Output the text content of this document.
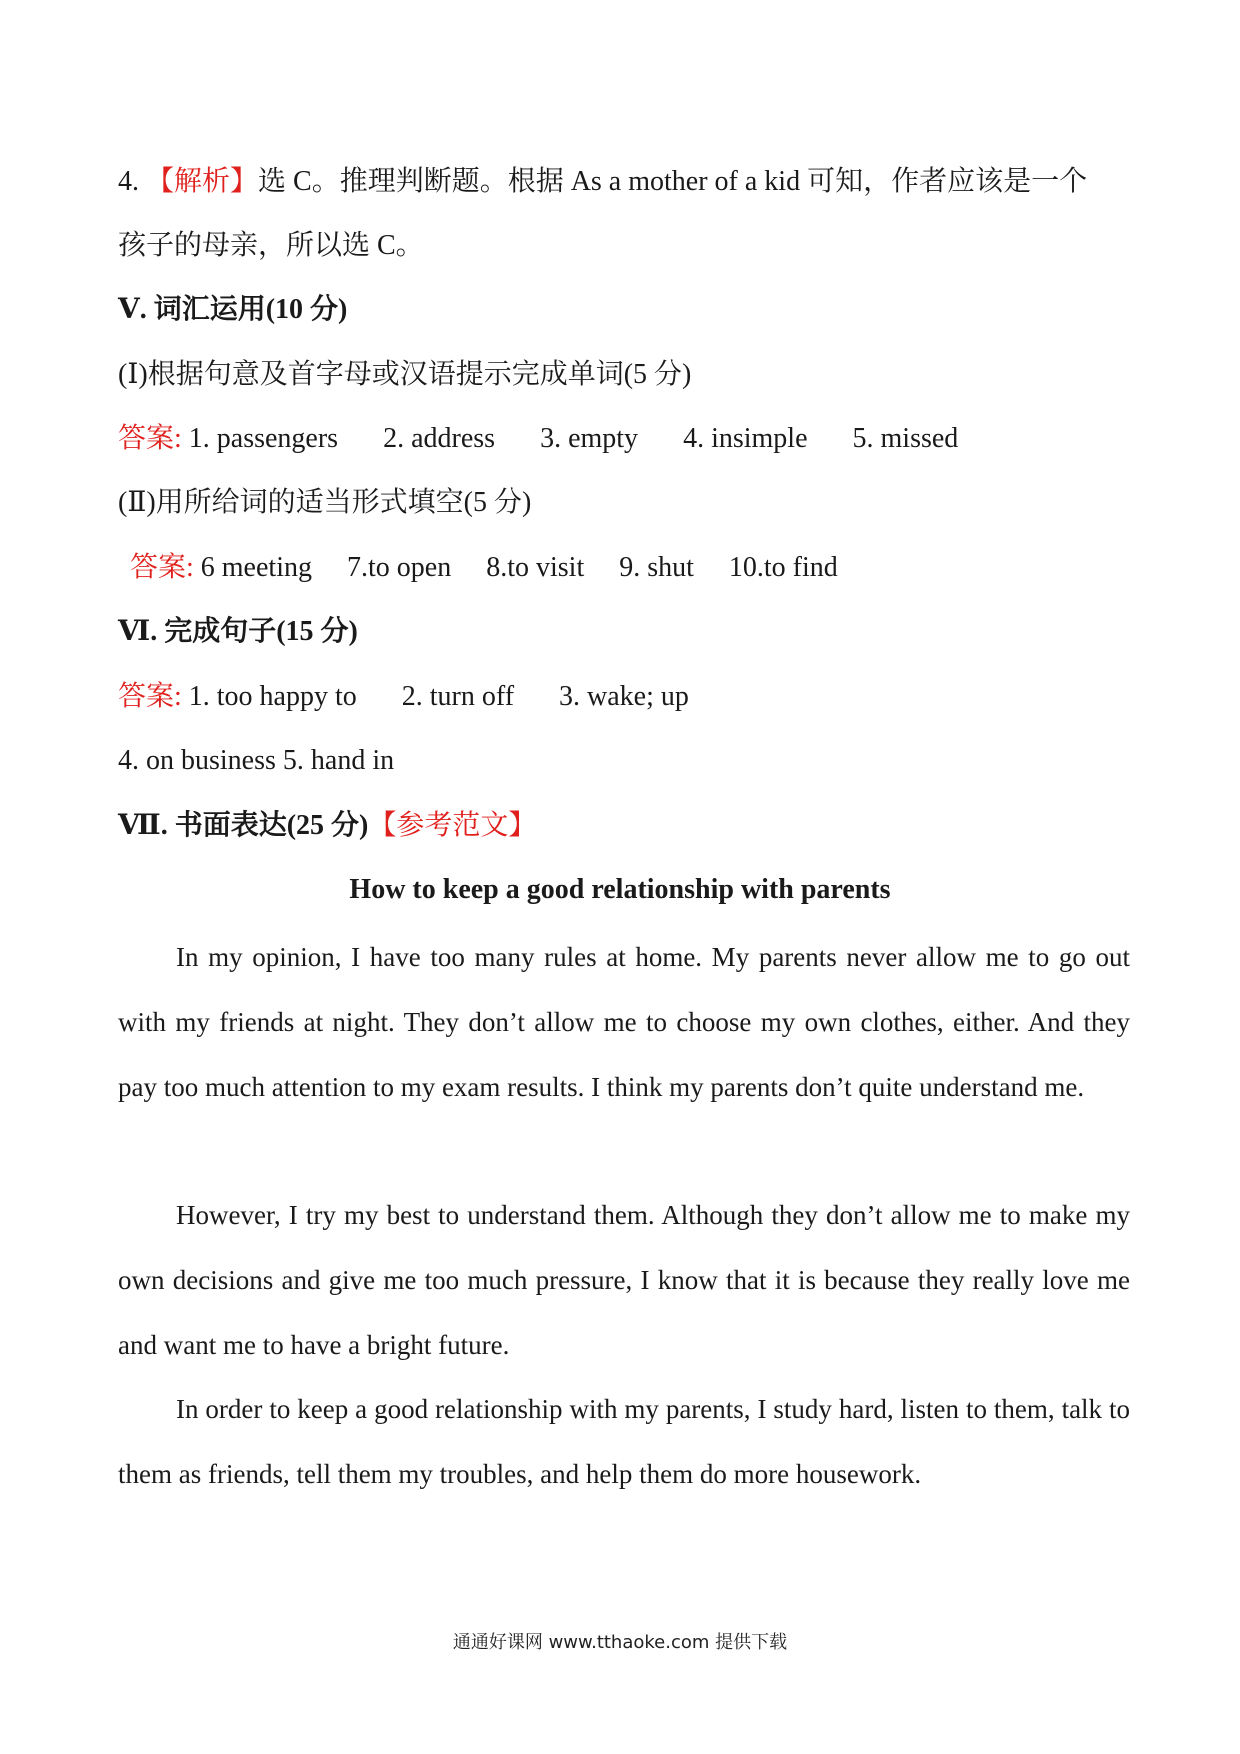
4. 【解析】选 C。推理判断题。根据 As a mother of a kid 可知，作者应该是一个
孩子的母亲，所以选 C。
Ⅴ. 词汇运用(10 分)
(Ⅰ)根据句意及首字母或汉语提示完成单词(5 分)
答案: 1. passengers 2. address 3. empty 4. insimple 5. missed
(Ⅱ)用所给词的适当形式填空(5 分)
答案: 6 meeting 7.to open 8.to visit 9. shut 10.to find
Ⅵ. 完成句子(15 分)
答案: 1. too happy to 2. turn off 3. wake; up
4. on business 5. hand in
Ⅶ. 书面表达(25 分)【参考范文】
How to keep a good relationship with parents
In my opinion, I have too many rules at home. My parents never allow me to go out with my friends at night. They don’t allow me to choose my own clothes, either. And they pay too much attention to my exam results. I think my parents don’t quite understand me.
However, I try my best to understand them. Although they don’t allow me to make my own decisions and give me too much pressure, I know that it is because they really love me and want me to have a bright future.
In order to keep a good relationship with my parents, I study hard, listen to them, talk to them as friends, tell them my troubles, and help them do more housework.
通通好课网 www.tthaoke.com 提供下载
